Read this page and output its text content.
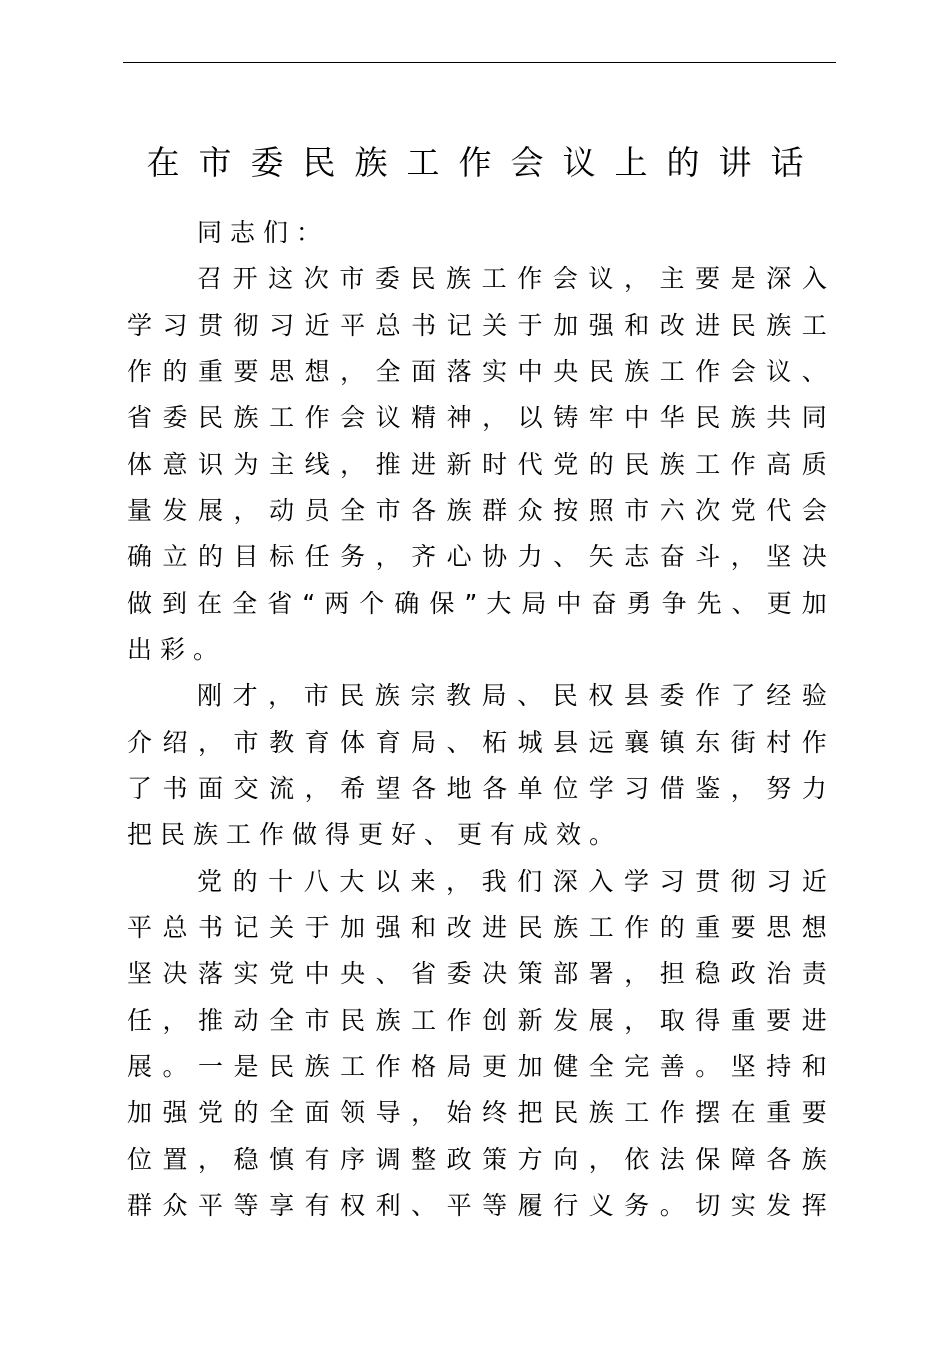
在市委民族工作会议上的讲话
同志们：
召 开 这 次 市 委 民 族 工 作 会 议 ， 主 要 是 深 入
学 习 贯 彻 习 近 平 总 书 记 关 于 加 强 和 改 进 民 族 工
作 的 重 要 思 想 ， 全 面 落 实 中 央 民 族 工 作 会 议 、
省 委 民 族 工 作 会 议 精 神 ， 以 铸 牢 中 华 民 族 共 同
体 意 识 为 主 线 ， 推 进 新 时 代 党 的 民 族 工 作 高 质
量 发 展 ， 动 员 全 市 各 族 群 众 按 照 市 六 次 党 代 会
确 立 的 目 标 任 务 ， 齐 心 协 力 、 矢 志 奋 斗 ， 坚 决
做 到 在 全 省 “ 两 个 确 保 ” 大 局 中 奋 勇 争 先 、 更 加
出彩。
刚 才 ， 市 民 族 宗 教 局 、 民 权 县 委 作 了 经 验
介 绍 ， 市 教 育 体 育 局 、 柘 城 县 远 襄 镇 东 街 村 作
了 书 面 交 流 ， 希 望 各 地 各 单 位 学 习 借 鉴 ， 努 力
把民族工作做得更好、更有成效。
党 的 十 八 大 以 来 ， 我 们 深 入 学 习 贯 彻 习 近
平 总 书 记 关 于 加 强 和 改 进 民 族 工 作 的 重 要 思 想
坚 决 落 实 党 中 央 、 省 委 决 策 部 署 ， 担 稳 政 治 责
任 ， 推 动 全 市 民 族 工 作 创 新 发 展 ， 取 得 重 要 进
展 。 一 是 民 族 工 作 格 局 更 加 健 全 完 善 。 坚 持 和
加 强 党 的 全 面 领 导 ， 始 终 把 民 族 工 作 摆 在 重 要
位 置 ， 稳 慎 有 序 调 整 政 策 方 向 ， 依 法 保 障 各 族
群 众 平 等 享 有 权 利 、 平 等 履 行 义 务 。 切 实 发 挥
